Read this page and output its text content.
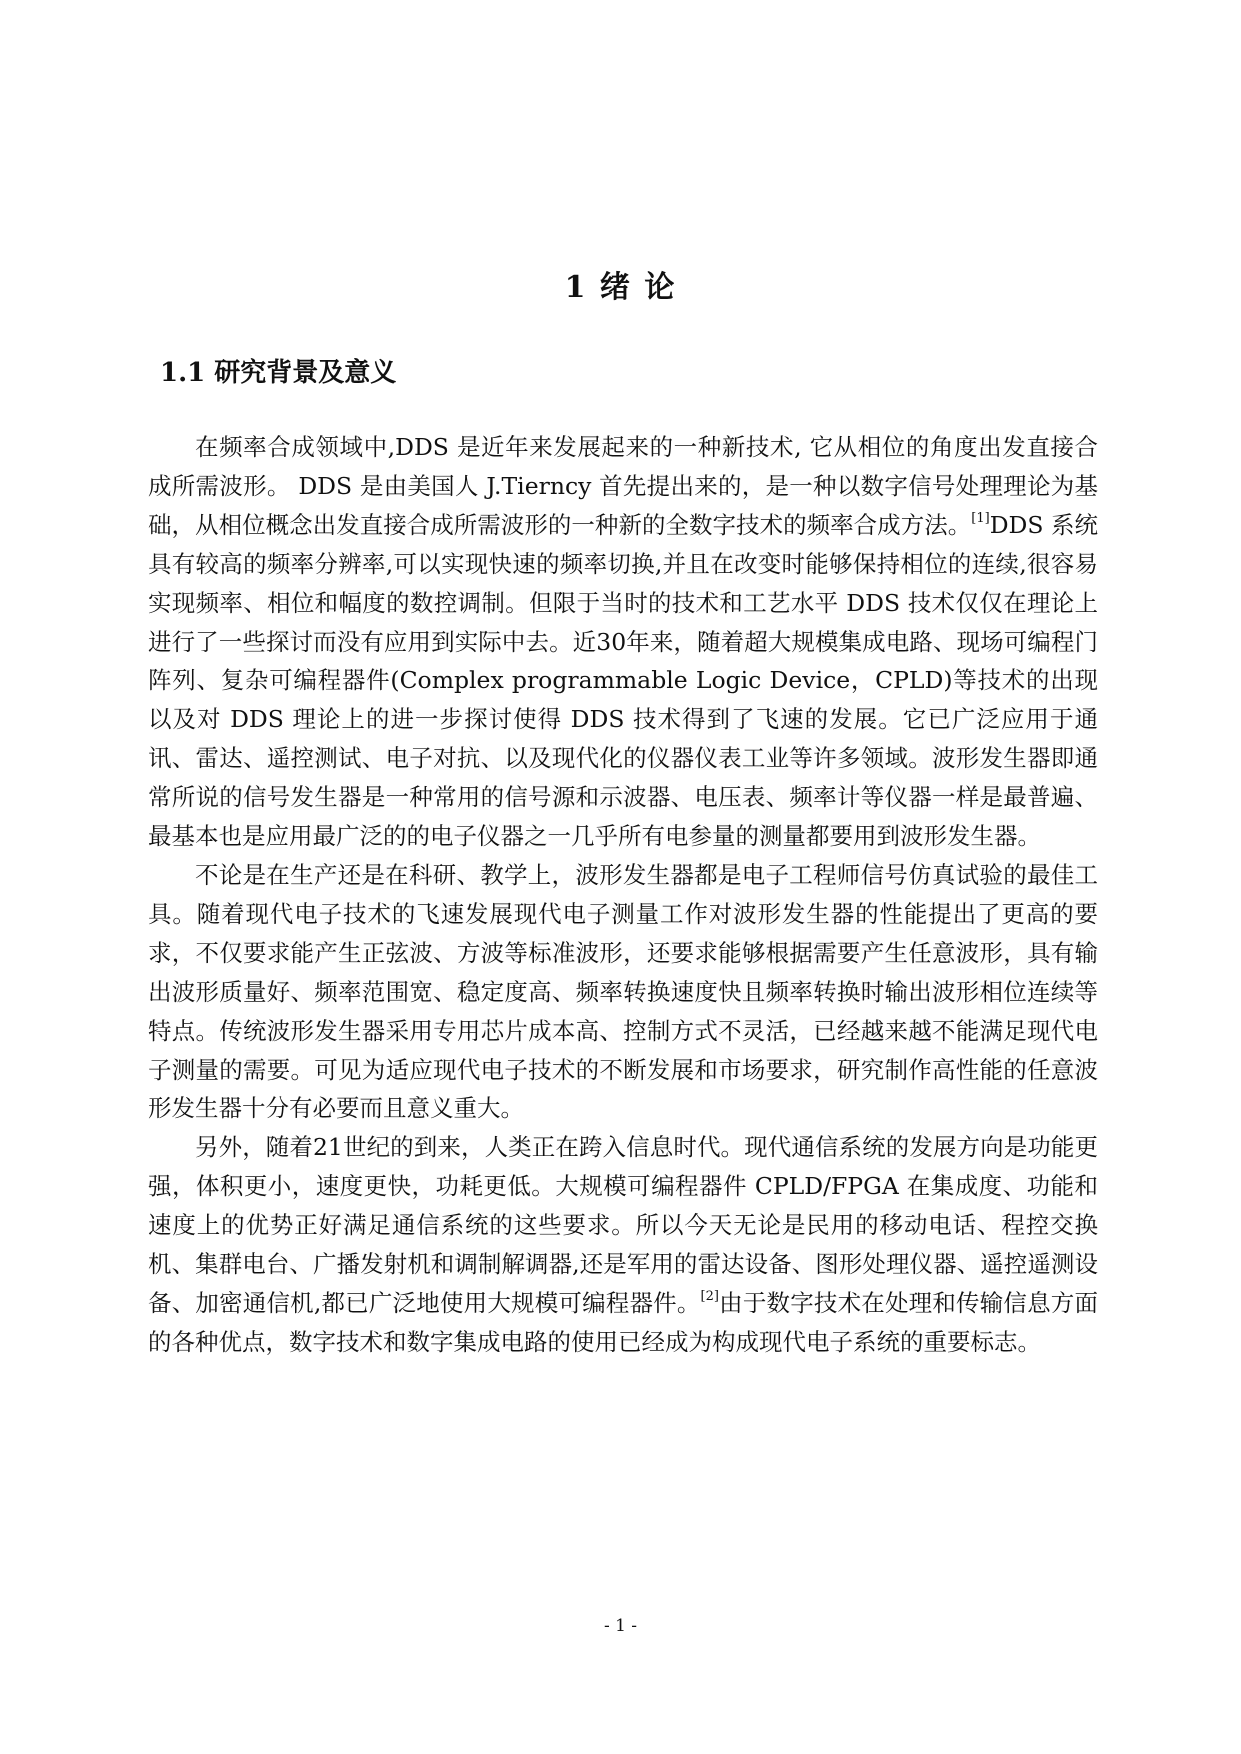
1 绪 论
1.1 研究背景及意义

在频率合成领域中,DDS 是近年来发展起来的一种新技术, 它从相位的角度出发直接合成所需波形。 DDS 是由美国人 J.Tierncy 首先提出来的，是一种以数字信号处理理论为基础，从相位概念出发直接合成所需波形的一种新的全数字技术的频率合成方法。[1]DDS 系统具有较高的频率分辨率,可以实现快速的频率切换,并且在改变时能够保持相位的连续,很容易实现频率、相位和幅度的数控调制。但限于当时的技术和工艺水平 DDS 技术仅仅在理论上进行了一些探讨而没有应用到实际中去。近30年来，随着超大规模集成电路、现场可编程门阵列、复杂可编程器件(Complex programmable Logic Device，CPLD)等技术的出现以及对 DDS 理论上的进一步探讨使得 DDS 技术得到了飞速的发展。它已广泛应用于通讯、雷达、遥控测试、电子对抗、以及现代化的仪器仪表工业等许多领域。波形发生器即通常所说的信号发生器是一种常用的信号源和示波器、电压表、频率计等仪器一样是最普遍、最基本也是应用最广泛的的电子仪器之一几乎所有电参量的测量都要用到波形发生器。

不论是在生产还是在科研、教学上，波形发生器都是电子工程师信号仿真试验的最佳工具。随着现代电子技术的飞速发展现代电子测量工作对波形发生器的性能提出了更高的要求，不仅要求能产生正弦波、方波等标准波形，还要求能够根据需要产生任意波形，具有输出波形质量好、频率范围宽、稳定度高、频率转换速度快且频率转换时输出波形相位连续等特点。传统波形发生器采用专用芯片成本高、控制方式不灵活，已经越来越不能满足现代电子测量的需要。可见为适应现代电子技术的不断发展和市场要求，研究制作高性能的任意波形发生器十分有必要而且意义重大。

另外，随着21世纪的到来，人类正在跨入信息时代。现代通信系统的发展方向是功能更强，体积更小，速度更快，功耗更低。大规模可编程器件 CPLD/FPGA 在集成度、功能和速度上的优势正好满足通信系统的这些要求。所以今天无论是民用的移动电话、程控交换机、集群电台、广播发射机和调制解调器,还是军用的雷达设备、图形处理仪器、遥控遥测设备、加密通信机,都已广泛地使用大规模可编程器件。[2]由于数字技术在处理和传输信息方面的各种优点，数字技术和数字集成电路的使用已经成为构成现代电子系统的重要标志。

- 1 -
